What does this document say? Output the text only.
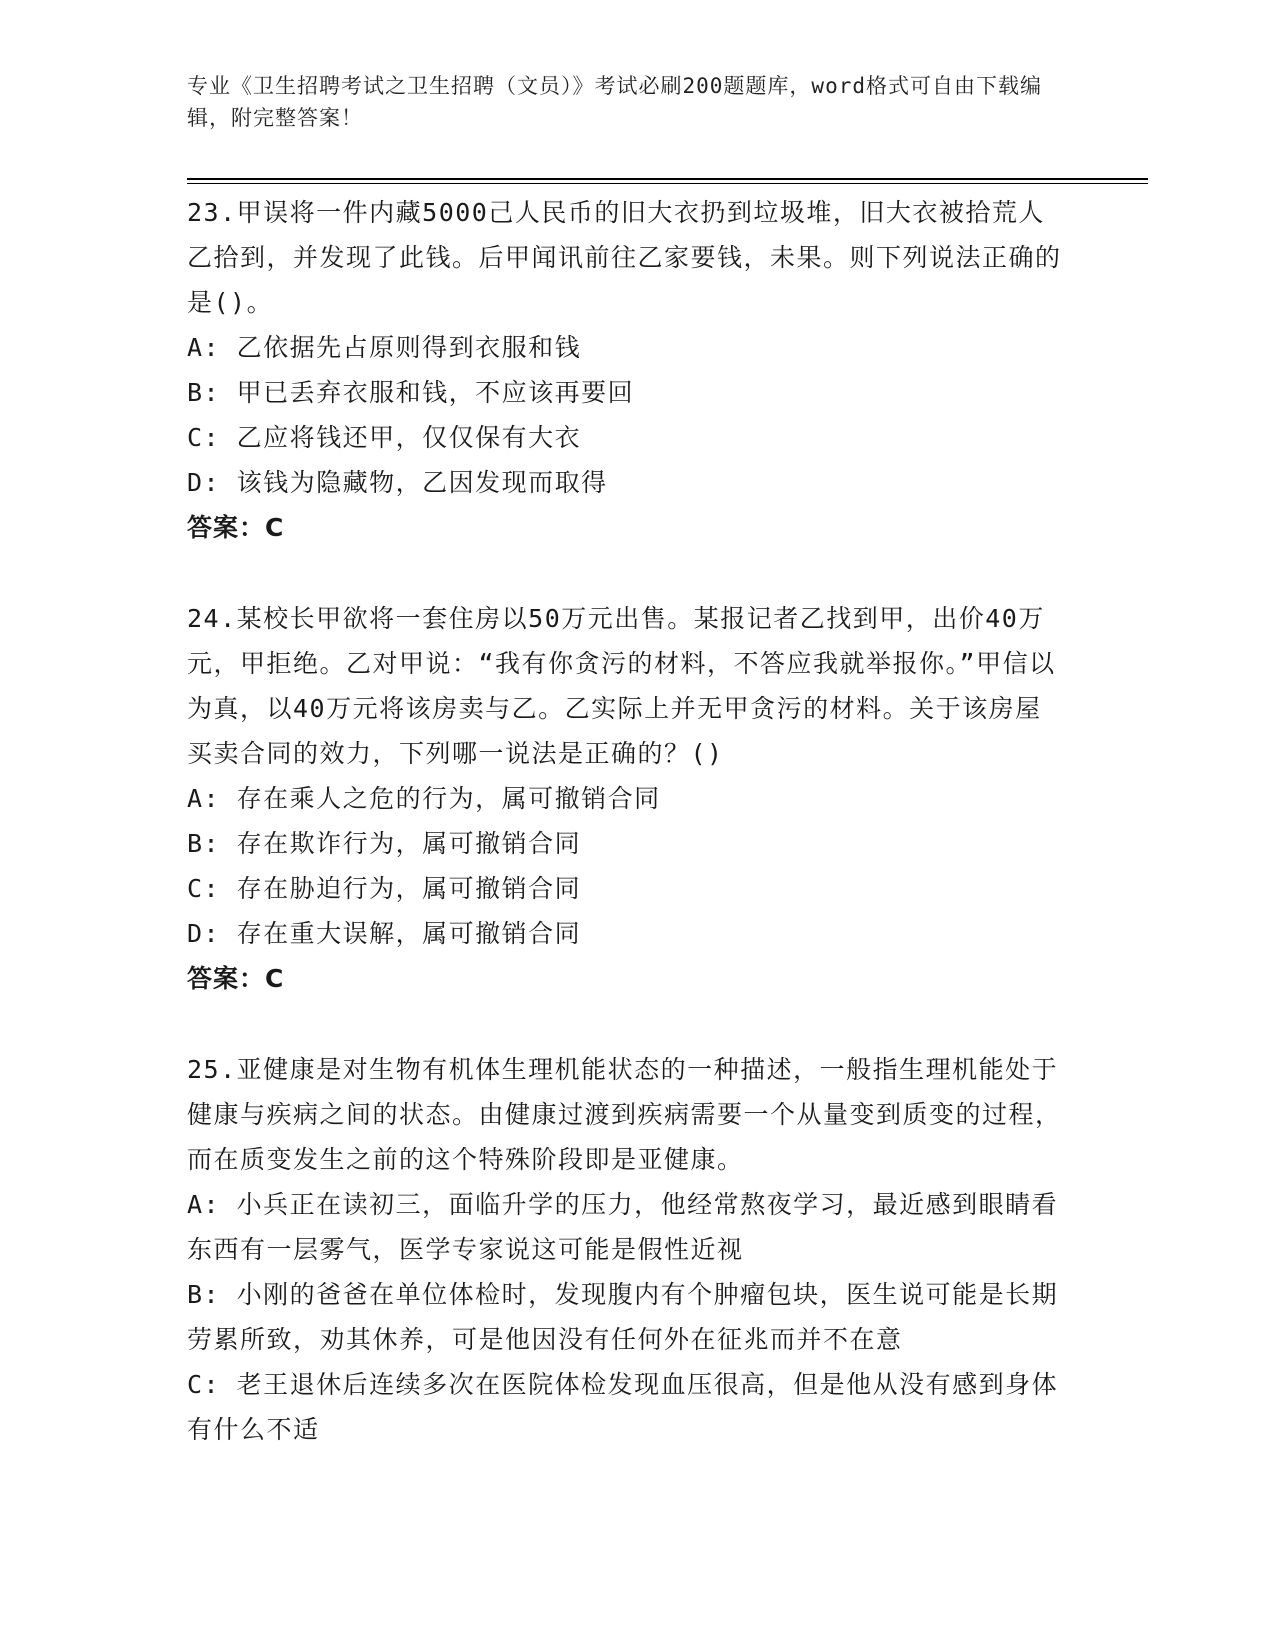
专业《卫生招聘考试之卫生招聘（文员）》考试必刷200题题库，word格式可自由下载编辑，附完整答案！

23.甲误将一件内藏5000己人民币的旧大衣扔到垃圾堆，旧大衣被拾荒人乙拾到，并发现了此钱。后甲闻讯前往乙家要钱，未果。则下列说法正确的是()。

A: 乙依据先占原则得到衣服和钱

B: 甲已丢弃衣服和钱，不应该再要回

C: 乙应将钱还甲，仅仅保有大衣

D: 该钱为隐藏物，乙因发现而取得

答案：C

24.某校长甲欲将一套住房以50万元出售。某报记者乙找到甲，出价40万元，甲拒绝。乙对甲说：“我有你贪污的材料，不答应我就举报你。”甲信以为真，以40万元将该房卖与乙。乙实际上并无甲贪污的材料。关于该房屋买卖合同的效力，下列哪一说法是正确的？()

A: 存在乘人之危的行为，属可撤销合同

B: 存在欺诈行为，属可撤销合同

C: 存在胁迫行为，属可撤销合同

D: 存在重大误解，属可撤销合同

答案：C

25.亚健康是对生物有机体生理机能状态的一种描述，一般指生理机能处于健康与疾病之间的状态。由健康过渡到疾病需要一个从量变到质变的过程，而在质变发生之前的这个特殊阶段即是亚健康。

A: 小兵正在读初三，面临升学的压力，他经常熬夜学习，最近感到眼睛看东西有一层雾气，医学专家说这可能是假性近视

B: 小刚的爸爸在单位体检时，发现腹内有个肿瘤包块，医生说可能是长期劳累所致，劝其休养，可是他因没有任何外在征兆而并不在意

C: 老王退休后连续多次在医院体检发现血压很高，但是他从没有感到身体有什么不适
